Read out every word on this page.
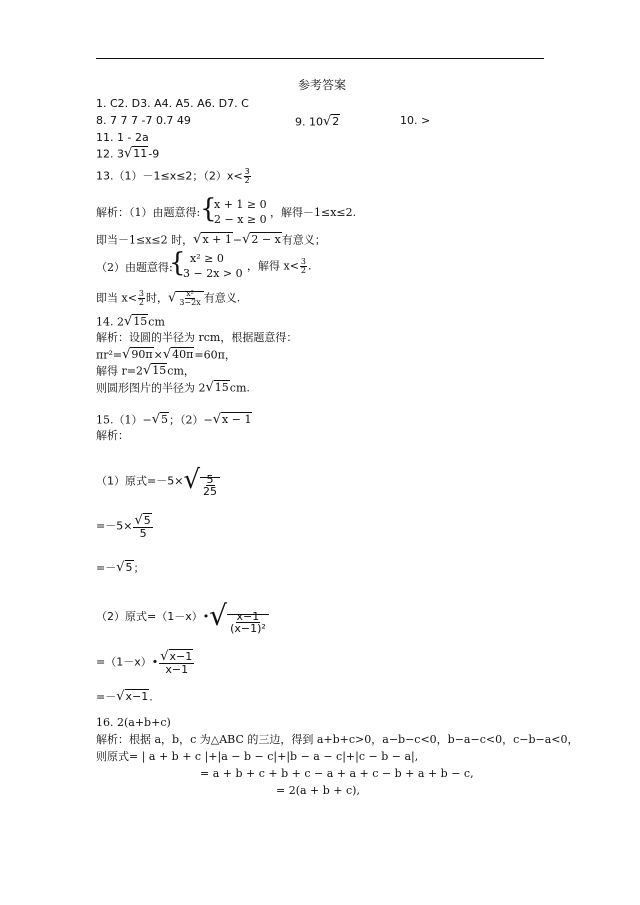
参考答案
1. C2. D3. A4. A5. A6. D7. C
8. 7 7 7 -7 0.7 49	9. 10√2	10. >
11. 1 - 2a
12. 3√11-9
13.（1）－1≤x≤2；$(2)x< \frac{3}{2}$
解析：（1）由题意得: {
x + 1 ≥ 0
2 − x ≥ 0
，解得－1≤x≤2.
即当－1≤x≤2 时，√x + 1−√2 − x有意义；
（2）由题意得:
{ x² ≥ 0
3 − 2x > 0
，解得 $x< \frac{3}{2}$ .
即当 $x< \frac{3}{2}$ 时，√ $\frac{\text{x²}}{3-2x}$ 有意义.
14. 2√15cm
解析：设圆的半径为 rcm，根据题意得：
πr²=√90π×√40π=60π，
解得 r=2√15cm，
则圆形图片的半径为 2√15cm.
15.（1）−√5；（2）−√x − 1
解析：
（1）原式$=-5\times√ \frac{5}{25}$
$=-5\times \frac{√5}{5}$
=－√5；
（2）原式=（1－x）•√ $\frac{x-1}{\text{(x−1)²}}$
=（1－x）• $\frac{√x-1}{x-1}$
=－√x−1.
16. 2(a+b+c)
解析：根据 a，b，c 为△ABC 的三边，得到 a+b+c>0，a−b−c<0，b−a−c<0，c−b−a<0，
则原式= | a + b + c |+|a − b − c|+|b − a − c|+|c − b − a|,
= a + b + c + b + c − a + a + c − b + a + b − c,
= 2(a + b + c),
